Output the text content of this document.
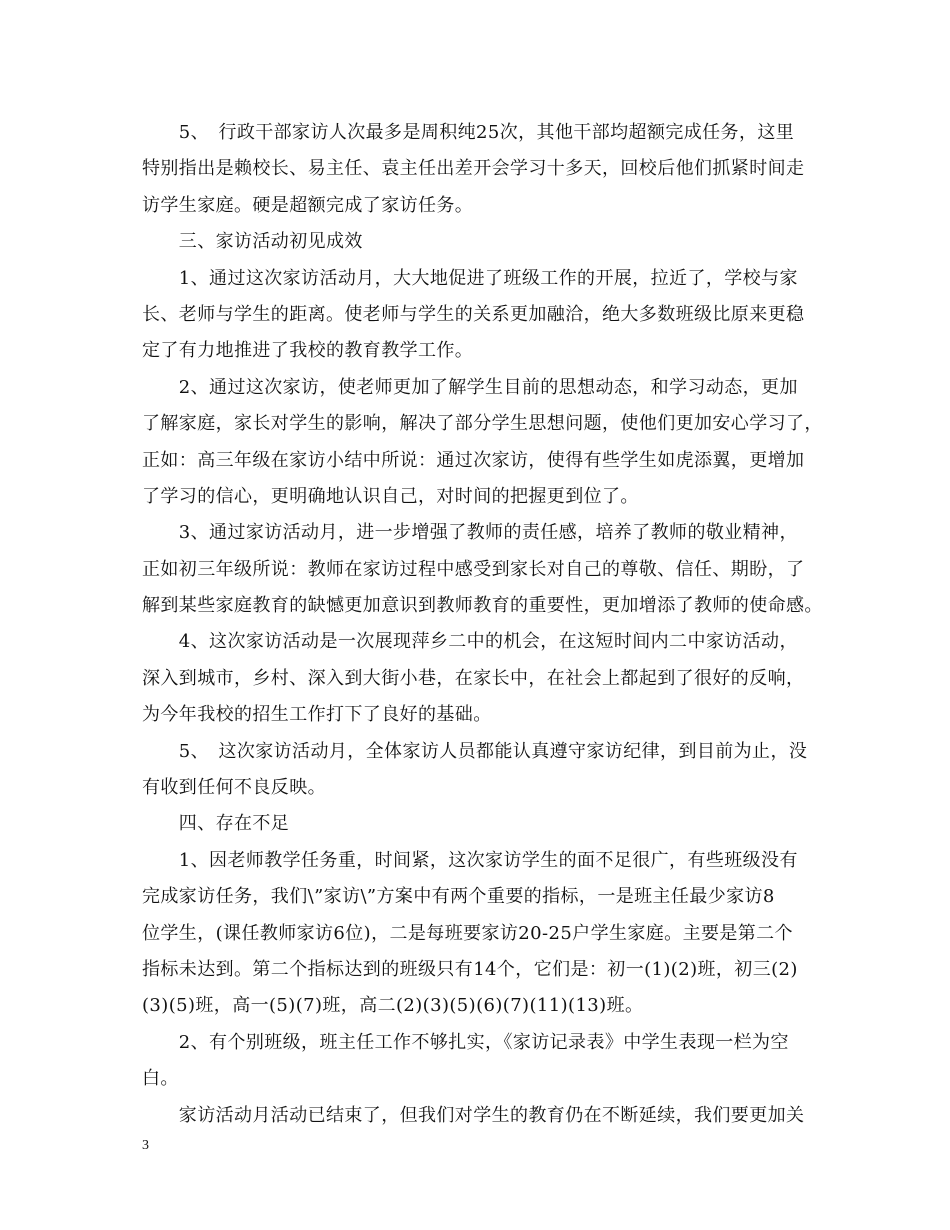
　　5、　行政干部家访人次最多是周积纯25次，其他干部均超额完成任务，这里
特别指出是赖校长、易主任、袁主任出差开会学习十多天，回校后他们抓紧时间走
访学生家庭。硬是超额完成了家访任务。
　　三、家访活动初见成效
　　1、通过这次家访活动月，大大地促进了班级工作的开展，拉近了，学校与家
长、老师与学生的距离。使老师与学生的关系更加融洽，绝大多数班级比原来更稳
定了有力地推进了我校的教育教学工作。
　　2、通过这次家访，使老师更加了解学生目前的思想动态，和学习动态，更加
了解家庭，家长对学生的影响，解决了部分学生思想问题，使他们更加安心学习了，
正如：高三年级在家访小结中所说：通过次家访，使得有些学生如虎添翼，更增加
了学习的信心，更明确地认识自己，对时间的把握更到位了。
　　3、通过家访活动月，进一步增强了教师的责任感，培养了教师的敬业精神，
正如初三年级所说：教师在家访过程中感受到家长对自己的尊敬、信任、期盼，了
解到某些家庭教育的缺憾更加意识到教师教育的重要性，更加增添了教师的使命感。
　　4、这次家访活动是一次展现萍乡二中的机会，在这短时间内二中家访活动，
深入到城市，乡村、深入到大街小巷，在家长中，在社会上都起到了很好的反响，
为今年我校的招生工作打下了良好的基础。
　　5、　这次家访活动月，全体家访人员都能认真遵守家访纪律，到目前为止，没
有收到任何不良反映。
　　四、存在不足
　　1、因老师教学任务重，时间紧，这次家访学生的面不足很广，有些班级没有
完成家访任务，我们\”家访\”方案中有两个重要的指标，一是班主任最少家访8
位学生，(课任教师家访6位)，二是每班要家访20-25户学生家庭。主要是第二个
指标未达到。第二个指标达到的班级只有14个，它们是：初一(1)(2)班，初三(2)
(3)(5)班，高一(5)(7)班，高二(2)(3)(5)(6)(7)(11)(13)班。
　　2、有个别班级，班主任工作不够扎实，《家访记录表》中学生表现一栏为空
白。
　　家访活动月活动已结束了，但我们对学生的教育仍在不断延续，我们要更加关
3
